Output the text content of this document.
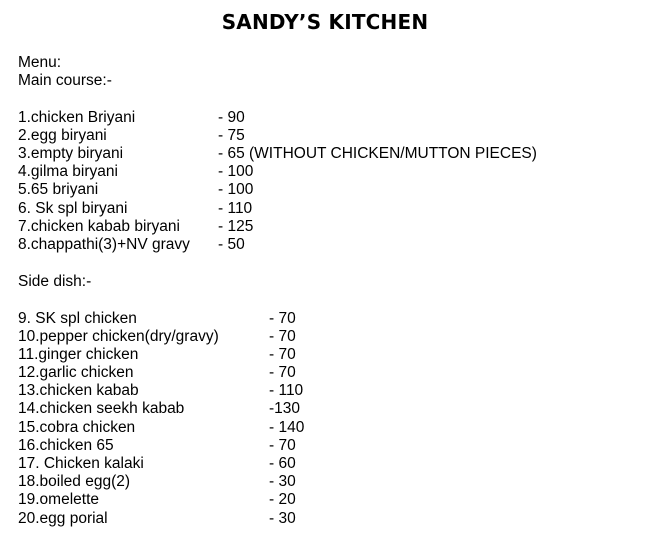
SANDY’S KITCHEN
Menu:
Main course:-
1.chicken Briyani	- 90
2.egg biryani	- 75
3.empty biryani	- 65 (WITHOUT CHICKEN/MUTTON PIECES)
4.gilma biryani	- 100
5.65 briyani	- 100
6. Sk spl biryani	- 110
7.chicken kabab biryani - 125
8.chappathi(3)+NV gravy - 50
Side dish:-
9. SK spl chicken	- 70
10.pepper chicken(dry/gravy)	- 70
11.ginger chicken	- 70
12.garlic chicken	- 70
13.chicken kabab	- 110
14.chicken seekh kabab	-130
15.cobra chicken	- 140
16.chicken 65	- 70
17. Chicken kalaki	- 60
18.boiled egg(2)	- 30
19.omelette	- 20
20.egg porial	- 30
